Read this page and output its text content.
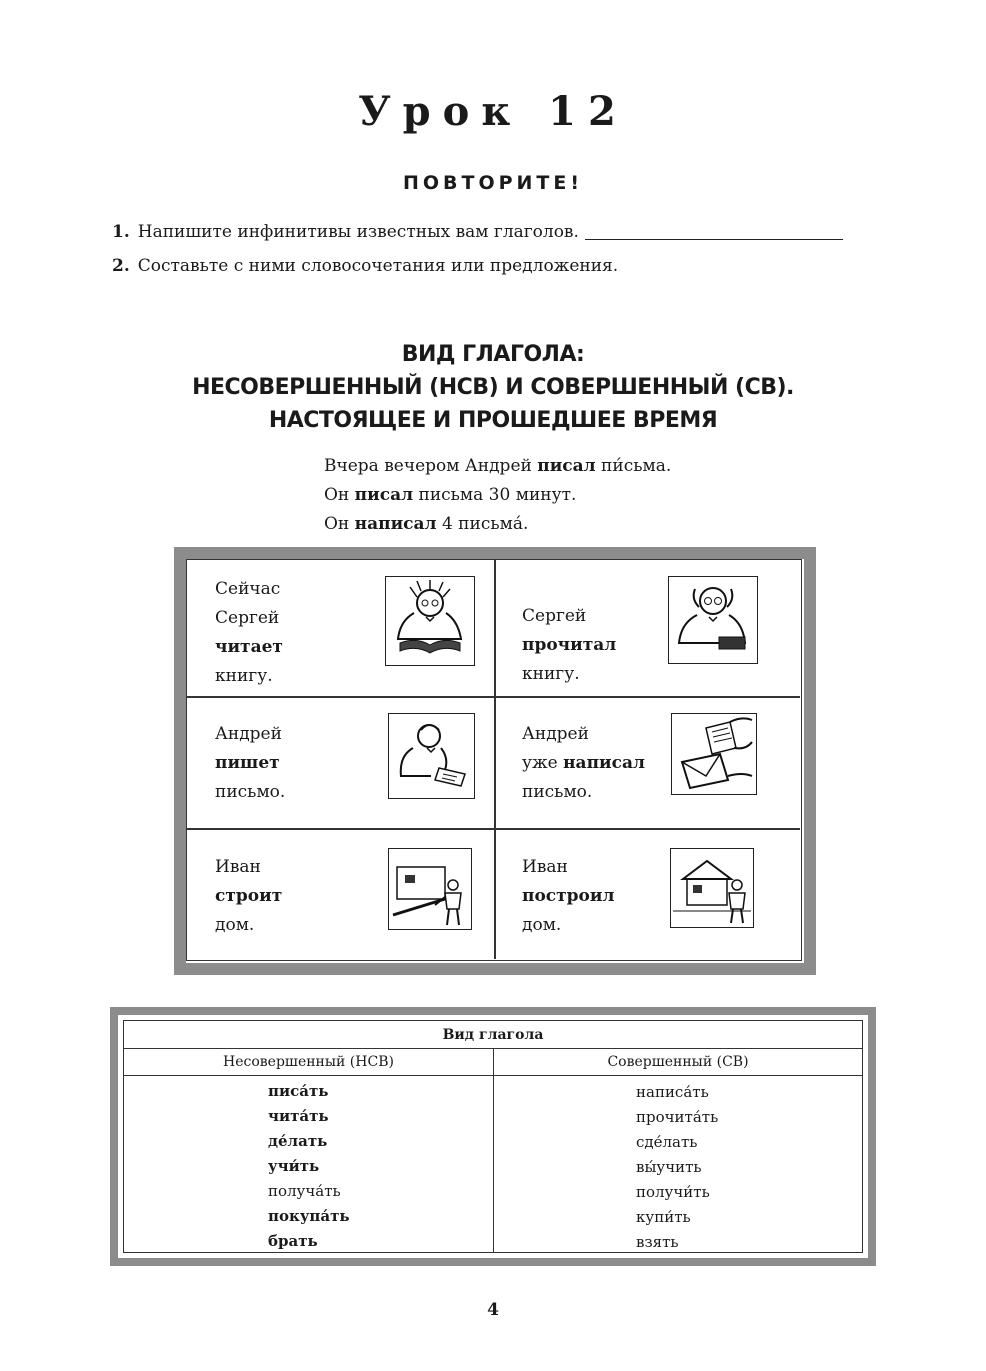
Урок 12
ПОВТОРИТЕ!
1. Напишите инфинитивы известных вам глаголов.
2. Составьте с ними словосочетания или предложения.
ВИД ГЛАГОЛА:
НЕСОВЕРШЕННЫЙ (НСВ) И СОВЕРШЕННЫЙ (СВ).
НАСТОЯЩЕЕ И ПРОШЕДШЕЕ ВРЕМЯ
Вчера вечером Андрей писал пи́сьма.
Он писал письма 30 минут.
Он написал 4 письма́.
Сейчас
Сергей
читает
книгу.
Сергей
прочитал
книгу.
Андрей
пишет
письмо.
Андрей
уже написал
письмо.
Иван
строит
дом.
Иван
построил
дом.
Вид глагола
Несовершенный (НСВ)	Совершенный (СВ)
писа́ть
чита́ть
де́лать
учи́ть
получа́ть
покупа́ть
брать
написа́ть
прочита́ть
сде́лать
вы́учить
получи́ть
купи́ть
взять
4
